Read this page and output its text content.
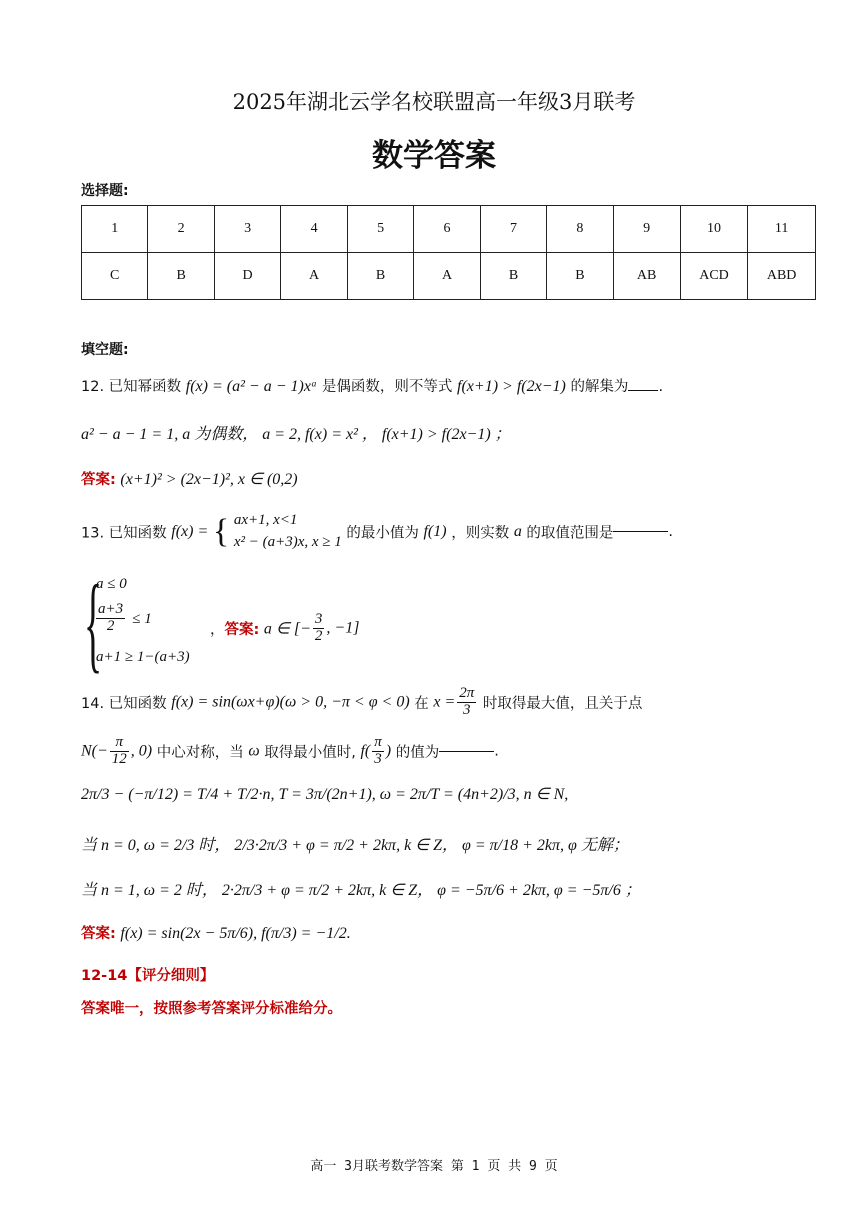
2025年湖北云学名校联盟高一年级3月联考
数学答案
选择题:
1	2	3	4	5	6	7	8	9	10	11
C	B	D	A	B	A	B	B	AB	ACD	ABD
填空题:
12. 已知幂函数 f(x) = (a² − a − 1)xᵃ 是偶函数，则不等式 f(x+1) > f(2x−1) 的解集为 .
a² − a − 1 = 1, a 为偶数， a = 2, f(x) = x² ， f(x+1) > f(2x−1) ；
答案: (x+1)² > (2x−1)², x ∈ (0,2)
13. 已知函数 f(x) = { ax+1, x<1
x² − (a+3)x, x ≥ 1
的最小值为 f(1) ，则实数 a 的取值范围是	.
{
a ≤ 0
$\frac{a+3}{2} \le 1$
a+1 ≥ 1−(a+3)
，答案: a ∈ [− $\frac{3}{2}$ , −1]
14. 已知函数 f(x) = sin(ωx+φ)(ω > 0, −π < φ < 0) 在 $x = \frac{2\pi}{3}$ 时取得最大值，且关于点
$N(- \frac{\pi}{12}$ , 0) 中心对称，当 ω 取得最小值时, $f( \frac{\pi}{3}$ ) 的值为	.
2π/3 − (−π/12) = T/4 + T/2·n, T = 3π/(2n+1), ω = 2π/T = (4n+2)/3, n ∈ N,
当 n = 0, ω = 2/3 时， 2/3·2π/3 + φ = π/2 + 2kπ, k ∈ Z， φ = π/18 + 2kπ, φ 无解；
当 n = 1, ω = 2 时， 2·2π/3 + φ = π/2 + 2kπ, k ∈ Z， φ = −5π/6 + 2kπ, φ = −5π/6 ；
答案: f(x) = sin(2x − 5π/6), f(π/3) = −1/2.
12-14【评分细则】
答案唯一，按照参考答案评分标准给分。
高一 3月联考数学答案 第 1 页 共 9 页
